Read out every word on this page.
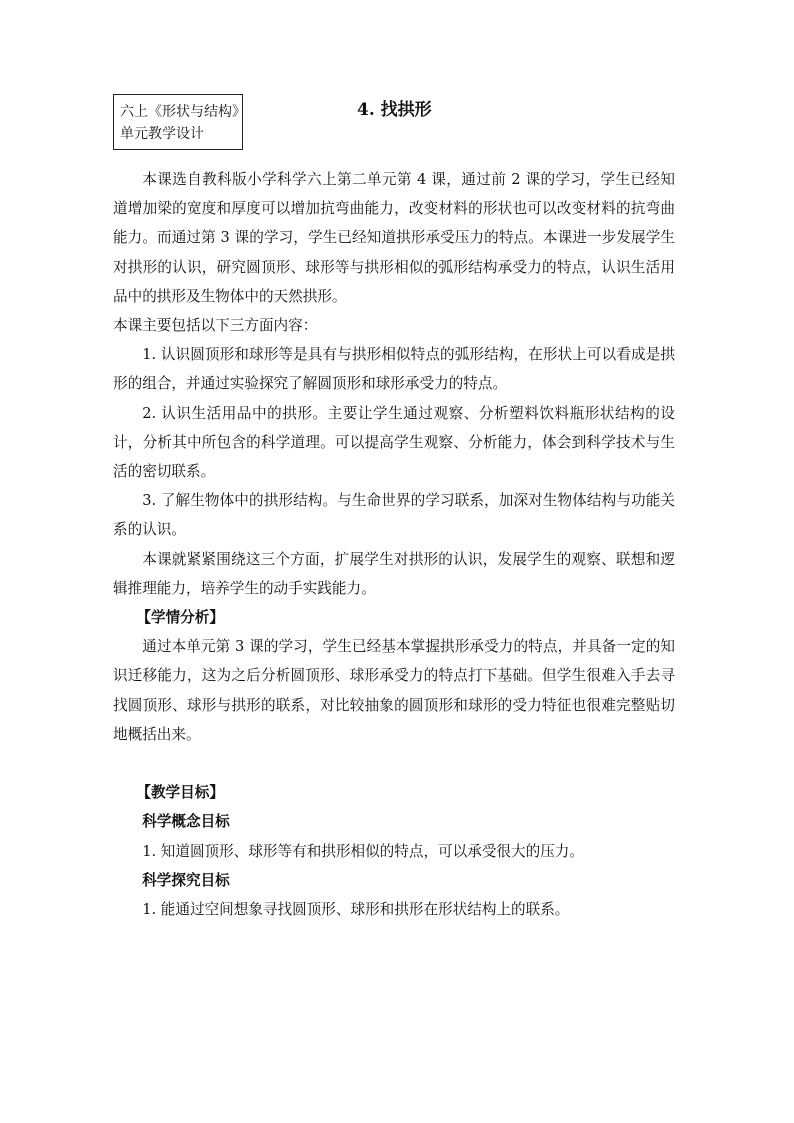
六上《形状与结构》
单元教学设计
4. 找拱形

本课选自教科版小学科学六上第二单元第 4 课，通过前 2 课的学习，学生已经知道增加梁的宽度和厚度可以增加抗弯曲能力，改变材料的形状也可以改变材料的抗弯曲能力。而通过第 3 课的学习，学生已经知道拱形承受压力的特点。本课进一步发展学生对拱形的认识，研究圆顶形、球形等与拱形相似的弧形结构承受力的特点，认识生活用品中的拱形及生物体中的天然拱形。

本课主要包括以下三方面内容：

1. 认识圆顶形和球形等是具有与拱形相似特点的弧形结构，在形状上可以看成是拱形的组合，并通过实验探究了解圆顶形和球形承受力的特点。

2. 认识生活用品中的拱形。主要让学生通过观察、分析塑料饮料瓶形状结构的设计，分析其中所包含的科学道理。可以提高学生观察、分析能力，体会到科学技术与生活的密切联系。

3. 了解生物体中的拱形结构。与生命世界的学习联系，加深对生物体结构与功能关系的认识。

本课就紧紧围绕这三个方面，扩展学生对拱形的认识，发展学生的观察、联想和逻辑推理能力，培养学生的动手实践能力。

【学情分析】

通过本单元第 3 课的学习，学生已经基本掌握拱形承受力的特点，并具备一定的知识迁移能力，这为之后分析圆顶形、球形承受力的特点打下基础。但学生很难入手去寻找圆顶形、球形与拱形的联系，对比较抽象的圆顶形和球形的受力特征也很难完整贴切地概括出来。

【教学目标】

科学概念目标

1. 知道圆顶形、球形等有和拱形相似的特点，可以承受很大的压力。

科学探究目标

1. 能通过空间想象寻找圆顶形、球形和拱形在形状结构上的联系。
